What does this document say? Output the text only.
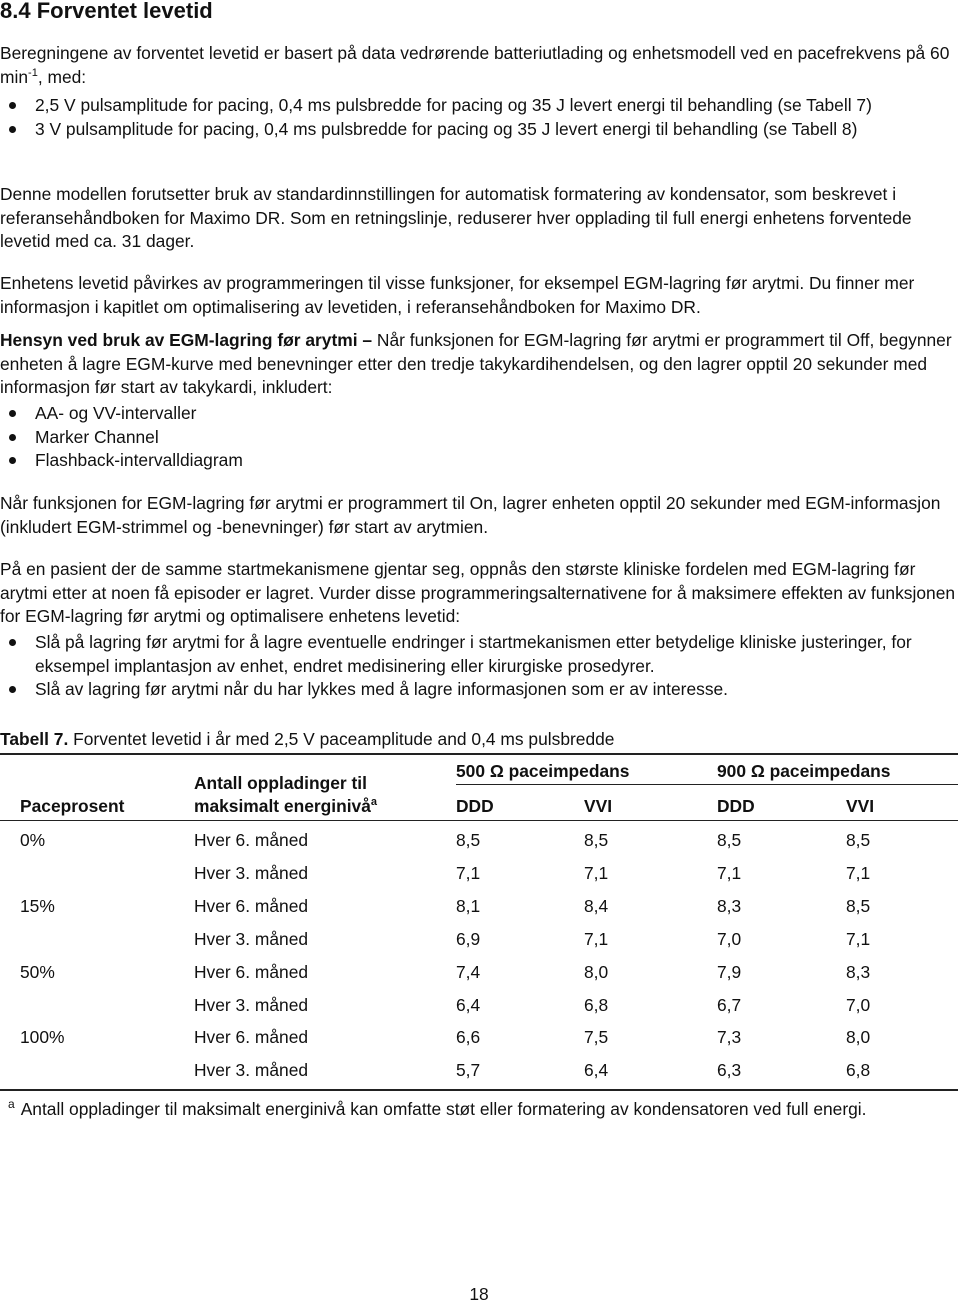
8.4 Forventet levetid

Beregningene av forventet levetid er basert på data vedrørende batteriutlading og enhetsmodell ved en pacefrekvens på 60 $\min^{-1}$, med:

2,5 V pulsamplitude for pacing, 0,4 ms pulsbredde for pacing og 35 J levert energi til behandling (se Tabell 7)
3 V pulsamplitude for pacing, 0,4 ms pulsbredde for pacing og 35 J levert energi til behandling (se Tabell 8)

Denne modellen forutsetter bruk av standardinnstillingen for automatisk formatering av kondensator, som beskrevet i referansehåndboken for Maximo DR. Som en retningslinje, reduserer hver opplading til full energi enhetens forventede levetid med ca. 31 dager.

Enhetens levetid påvirkes av programmeringen til visse funksjoner, for eksempel EGM-lagring før arytmi. Du finner mer informasjon i kapitlet om optimalisering av levetiden, i referansehåndboken for Maximo DR.

Hensyn ved bruk av EGM-lagring før arytmi – Når funksjonen for EGM-lagring før arytmi er programmert til Off, begynner enheten å lagre EGM-kurve med benevninger etter den tredje takykardihendelsen, og den lagrer opptil 20 sekunder med informasjon før start av takykardi, inkludert:

AA- og VV-intervaller
Marker Channel
Flashback-intervalldiagram

Når funksjonen for EGM-lagring før arytmi er programmert til On, lagrer enheten opptil 20 sekunder med EGM-informasjon (inkludert EGM-strimmel og -benevninger) før start av arytmien.

På en pasient der de samme startmekanismene gjentar seg, oppnås den største kliniske fordelen med EGM-lagring før arytmi etter at noen få episoder er lagret. Vurder disse programmeringsalternativene for å maksimere effekten av funksjonen for EGM-lagring før arytmi og optimalisere enhetens levetid:

Slå på lagring før arytmi for å lagre eventuelle endringer i startmekanismen etter betydelige kliniske justeringer, for eksempel implantasjon av enhet, endret medisinering eller kirurgiske prosedyrer.
Slå av lagring før arytmi når du har lykkes med å lagre informasjonen som er av interesse.
Tabell 7. Forventet levetid i år med 2,5 V paceamplitude and 0,4 ms pulsbredde
500 Ω paceimpedans	900 Ω paceimpedans
Antall oppladinger til
maksimalt energinivå$^a$
Paceprosent	DDD	VVI	DDD	VVI
0%	Hver 6. måned	8,5	8,5	8,5	8,5
Hver 3. måned	7,1	7,1	7,1	7,1
15%	Hver 6. måned	8,1	8,4	8,3	8,5
Hver 3. måned	6,9	7,1	7,0	7,1
50%	Hver 6. måned	7,4	8,0	7,9	8,3
Hver 3. måned	6,4	6,8	6,7	7,0
100%	Hver 6. måned	6,6	7,5	7,3	8,0
Hver 3. måned	5,7	6,4	6,3	6,8
$^a$ Antall oppladinger til maksimalt energinivå kan omfatte støt eller formatering av kondensatoren ved full energi.
18
